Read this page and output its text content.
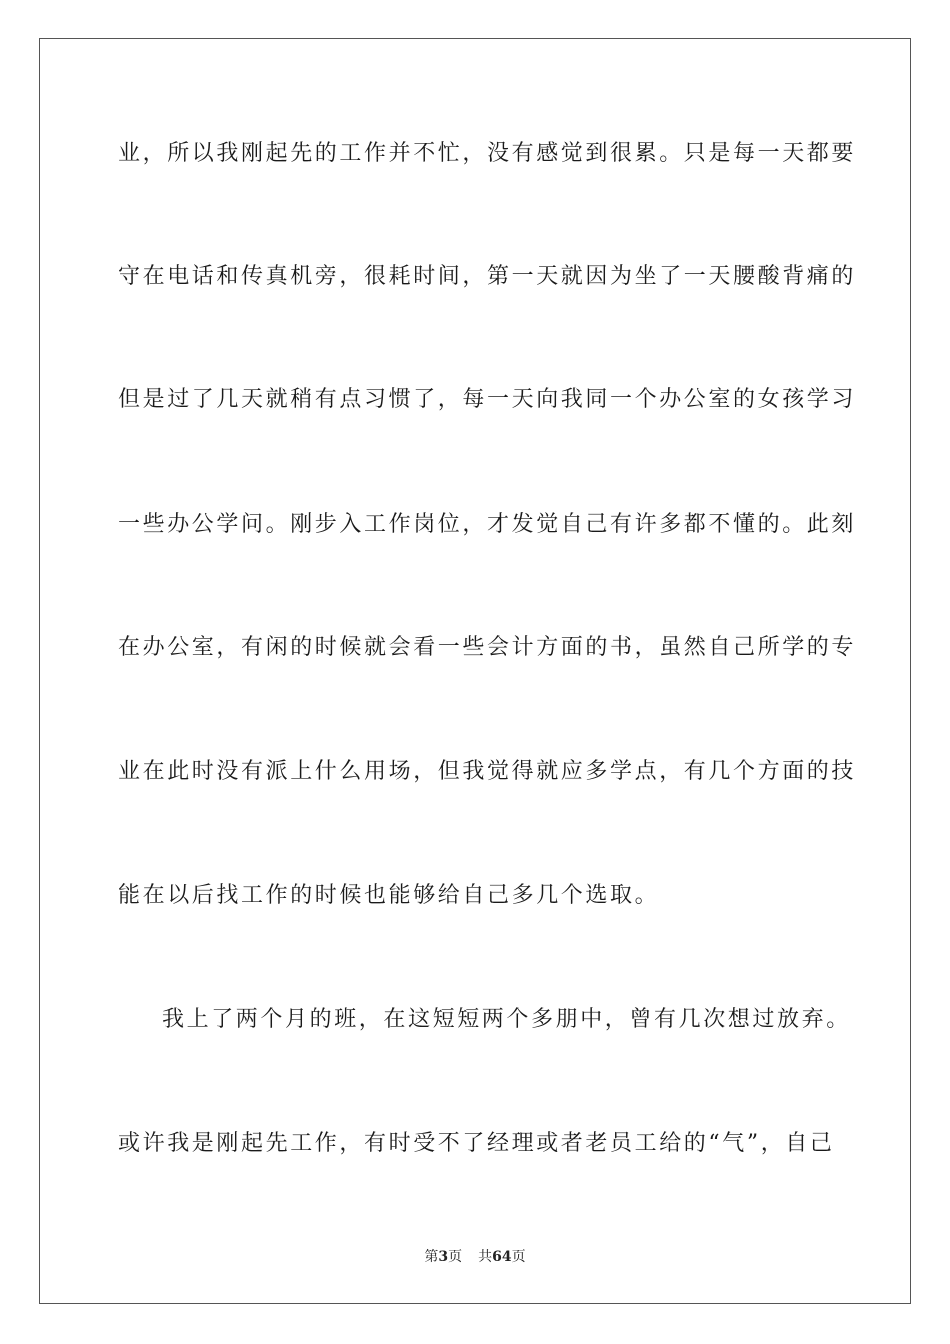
业，所以我刚起先的工作并不忙，没有感觉到很累。只是每一天都要
守在电话和传真机旁，很耗时间，第一天就因为坐了一天腰酸背痛的
但是过了几天就稍有点习惯了，每一天向我同一个办公室的女孩学习
一些办公学问。刚步入工作岗位，才发觉自己有许多都不懂的。此刻
在办公室，有闲的时候就会看一些会计方面的书，虽然自己所学的专
业在此时没有派上什么用场，但我觉得就应多学点，有几个方面的技
能在以后找工作的时候也能够给自己多几个选取。
我上了两个月的班，在这短短两个多朋中，曾有几次想过放弃。
或许我是刚起先工作，有时受不了经理或者老员工给的“气”，自己
第3页 共64页
